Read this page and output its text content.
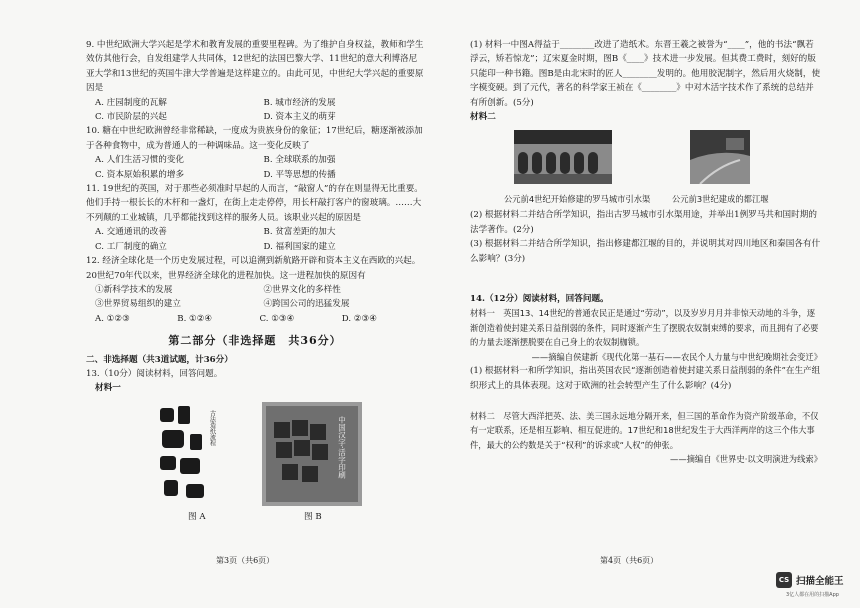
9. 中世纪欧洲大学兴起是学术和教育发展的重要里程碑。为了维护自身权益，教师和学生效仿其他行会，自发组建学人共同体，12世纪的法国巴黎大学、11世纪的意大利博洛尼亚大学和13世纪的英国牛津大学普遍是这样建立的。由此可见，中世纪大学兴起的重要原因是

A. 庄园制度的瓦解	B. 城市经济的发展
C. 市民阶层的兴起	D. 资本主义的萌芽

10. 糖在中世纪欧洲曾经非常稀缺，一度成为贵族身份的象征；17世纪后，糖逐渐被添加于各种食物中，成为普通人的一种调味品。这一变化反映了

A. 人们生活习惯的变化	B. 全球联系的加强
C. 资本原始积累的增多	D. 平等思想的传播

11. 19世纪的英国，对于那些必须准时早起的人而言，“敲窗人”的存在则显得无比重要。他们手持一根长长的木杆和一盏灯，在街上走走停停，用长杆敲打客户的窗玻璃。……大不列颠的工业城镇，几乎都能找到这样的服务人员。该职业兴起的原因是

A. 交通通讯的改善	B. 贫富差距的加大
C. 工厂制度的确立	D. 福利国家的建立

12. 经济全球化是一个历史发展过程，可以追溯到新航路开辟和资本主义在西欧的兴起。20世纪70年代以来，世界经济全球化的进程加快。这一进程加快的原因有

①新科学技术的发展	②世界文化的多样性
③世界贸易组织的建立	④跨国公司的迅猛发展
A. ①②③	B. ①②④	C. ①③④	D. ②③④
第二部分（非选择题　共36分）
二、非选择题（共3道试题，计36分）
13.（10分）阅读材料，回答问题。
材料一
古法造纸流程	中国汉字·活字印刷
图 A	图 B
第3页（共6页）

(1) 材料一中图A得益于________改进了造纸术。东晋王羲之被誉为“____”，他的书法“飘若浮云，矫若惊龙”；辽宋夏金时期，图B《____》技术进一步发展。但其费工费时，刻好的版只能印一种书籍。图B是由北宋时的匠人________发明的。他用胶泥制字，然后用火烧制，使字模变硬。到了元代，著名的科学家王祯在《________》中对木活字技术作了系统的总结并有所创新。(5分)

材料二
公元前4世纪开始修建的罗马城市引水渠	公元前3世纪建成的都江堰

(2) 根据材料二并结合所学知识，指出古罗马城市引水渠用途，并举出1例罗马共和国时期的法学著作。(2分)

(3) 根据材料二并结合所学知识，指出修建都江堰的目的，并说明其对四川地区和秦国各有什么影响？(3分)

14.（12分）阅读材料，回答问题。

材料一　英国13、14世纪的普通农民正是通过“劳动”，以及岁岁月月并非惊天动地的斗争，逐渐创造着使封建关系日益削弱的条件，同时逐渐产生了摆脱农奴制束缚的要求，而且拥有了必要的力量去逐渐摆脱要在自己身上的农奴制枷锁。

——摘编自侯建新《现代化第一基石——农民个人力量与中世纪晚期社会变迁》

(1) 根据材料一和所学知识，指出英国农民“逐渐创造着使封建关系日益削弱的条件”在生产组织形式上的具体表现。这对于欧洲的社会转型产生了什么影响？(4分)

材料二　尽管大西洋把英、法、美三国永远地分隔开来，但三国的革命作为资产阶级革命，不仅有一定联系，还是相互影响、相互促进的。17世纪和18世纪发生于大西洋两岸的这三个伟大事件，最大的公约数是关于“权利”的诉求或“人权”的伸张。

——摘编自《世界史·以文明演进为线索》

第4页（共6页）
CS 扫描全能王
3亿人都在用的扫描App
